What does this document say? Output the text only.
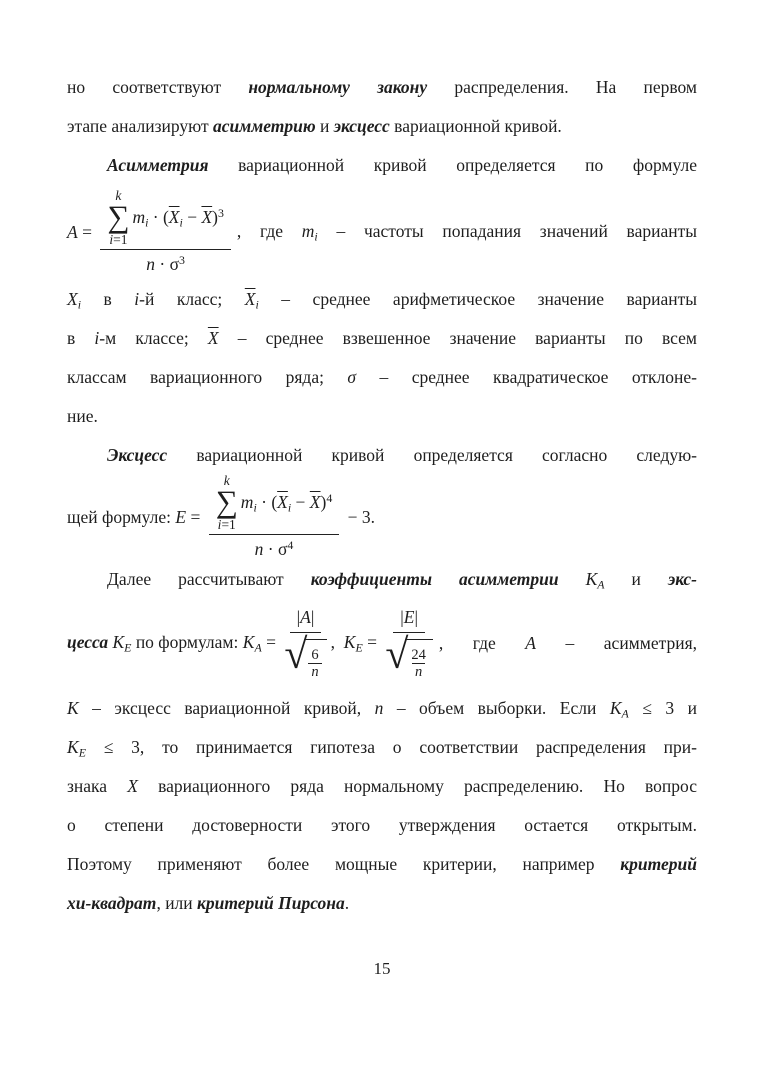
но соответствуют нормальному закону распределения. На первом
этапе анализируют асимметрию и эксцесс вариационной кривой.
Асимметрия вариационной кривой определяется по формуле
A =
k
∑
i=1
mi · $(\overline{X}i - \overline{X})^3$
$n \cdot \sigma^3$
, где mi – частоты попадания значений варианты
Xi в i-й класс; $\overline{X}i$ – среднее арифметическое значение варианты
в i-м классе; $\overline{X}$ – среднее взвешенное значение варианты по всем
классам вариационного ряда; σ – среднее квадратическое отклоне-
ние.
Эксцесс вариационной кривой определяется согласно следую-
щей формуле: E =
k
∑
i=1
mi · $(\overline{X}i - \overline{X})^4$
$n \cdot \sigma^4$
− 3.
Далее рассчитывают коэффициенты асимметрии KA и экс-
цесса KE по формулам: KA =
| A |
√ $\frac{6}{n}$
,  KE =
| E |
√ $\frac{24}{n}$
, где A – асимметрия,
K – эксцесс вариационной кривой, n – объем выборки. Если KA ≤ 3 и
KE ≤ 3, то принимается гипотеза о соответствии распределения при-
знака X вариационного ряда нормальному распределению. Но вопрос
о степени достоверности этого утверждения остается открытым.
Поэтому применяют более мощные критерии, например критерий
хи-квадрат, или критерий Пирсона.
15
